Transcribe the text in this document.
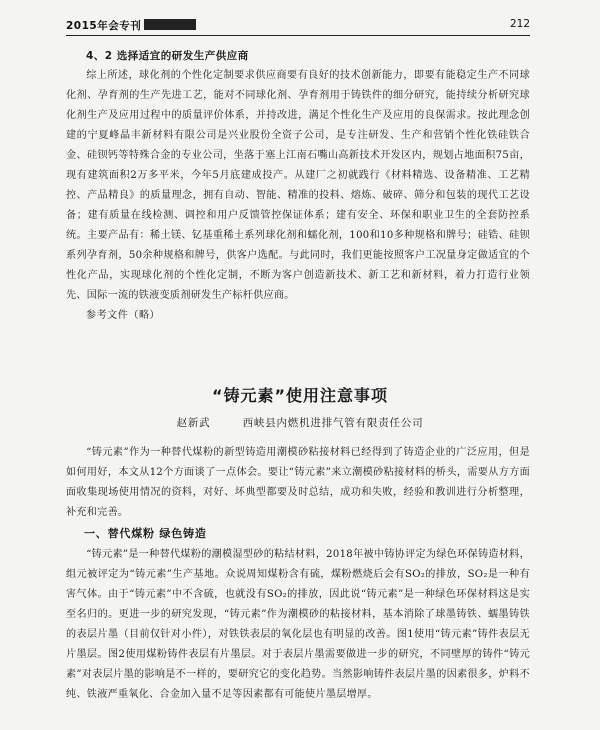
2015年会专刊	212
4、2 选择适宜的研发生产供应商

综上所述，球化剂的个性化定制要求供应商要有良好的技术创新能力，即要有能稳定生产不同球化剂、孕育剂的生产先进工艺，能对不同球化剂、孕育剂用于铸铁件的细分研究，能持续分析研究球化剂生产及应用过程中的质量评价体系，并持改进，满足个性化生产及应用的良保需求。按此理念创建的宁夏峰晶丰新材料有限公司是兴业股份全资子公司，是专注研发、生产和营销个性化铁硅铁合金、硅钡钙等特殊合金的专业公司，坐落于塞上江南石嘴山高新技术开发区内，规划占地面积75亩，现有建筑面积2万多平米，今年5月底建成投产。从建厂之初就践行《材料精选、设备精准、工艺精控、产品精良》的质量理念，拥有自动、智能、精准的投料、熔炼、破碎、筛分和包装的现代工艺设备；建有质量在线检测、调控和用户反馈管控保证体系；建有安全、环保和职业卫生的全套防控系统。主要产品有：稀土镁、钇基重稀土系列球化剂和蠕化剂，100和10多种规格和牌号；硅锆、硅钡系列孕育剂，50余种规格和牌号，供客户选配。与此同时，我们更能按照客户工况量身定做适宜的个性化产品，实现球化剂的个性化定制，不断为客户创造新技术、新工艺和新材料，着力打造行业领先、国际一流的铁液变质剂研发生产标杆供应商。

参考文件（略）
“铸元素”使用注意事项
赵新武	西峡县内燃机进排气管有限责任公司

“铸元素”作为一种替代煤粉的新型铸造用潮模砂粘接材料已经得到了铸造企业的广泛应用，但是如何用好，本文从12个方面谈了一点体会。要让“铸元素”来立潮模砂粘接材料的桥头，需要从方方面面收集现场使用情况的资料，对好、坏典型都要及时总结，成功和失败，经验和教训进行分析整理，补充和完善。

一、替代煤粉 绿色铸造

“铸元素”是一种替代煤粉的潮模湿型砂的粘结材料，2018年被中铸协评定为绿色环保铸造材料，组元被评定为“铸元素”生产基地。众说周知煤粉含有硫，煤粉燃烧后会有SO₂的排放，SO₂是一种有害气体。由于“铸元素”中不含硫，也就没有SO₂的排放，因此说“铸元素”是一种绿色环保材料这是实至名归的。更进一步的研究发现，“铸元素”作为潮模砂的粘接材料，基本消除了球墨铸铁、蠕墨铸铁的表层片墨（目前仅针对小件），对铁铁表层的氧化层也有明显的改善。图1使用“铸元素”铸件表层无片墨层。图2使用煤粉铸件表层有片墨层。对于表层片墨需要做进一步的研究，不同壁厚的铸件“铸元素”对表层片墨的影响是不一样的，要研究它的变化趋势。当然影响铸件表层片墨的因素很多，炉料不纯、铁液严重氧化、合金加入量不足等因素都有可能使片墨层增厚。
